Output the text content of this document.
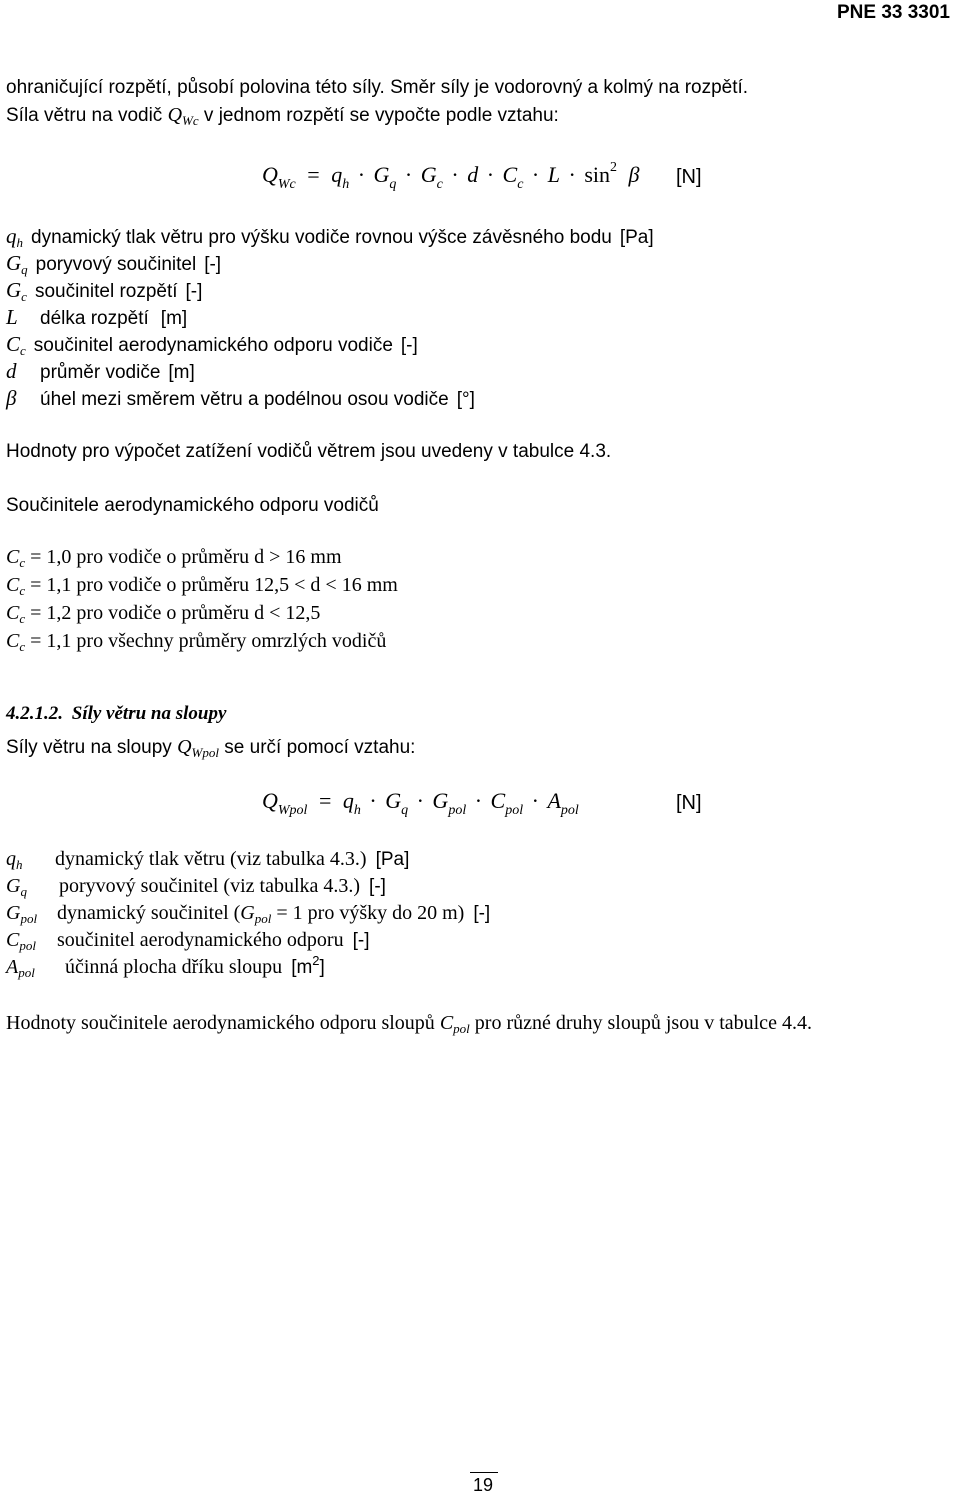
PNE 33 3301
ohraničující rozpětí, působí polovina této síly. Směr síly je vodorovný a kolmý na rozpětí.
Síla větru na vodič $Q_{Wc}$ v jednom rozpětí se vypočte podle vztahu:
$Q_{Wc} = q_h \cdot G_q \cdot G_c \cdot d \cdot C_c \cdot L \cdot \sin^2 \beta$ [N]
$q_h$ dynamický tlak větru pro výšku vodiče rovnou výšce závěsného bodu [Pa]
$G_q$ poryvový součinitel [-]
$G_c$ součinitel rozpětí [-]
L délka rozpětí [m]
$C_c$ součinitel aerodynamického odporu vodiče [-]
d průměr vodiče [m]
β úhel mezi směrem větru a podélnou osou vodiče [°]
Hodnoty pro výpočet zatížení vodičů větrem jsou uvedeny v tabulce 4.3.
Součinitele aerodynamického odporu vodičů
$C_c = 1,0$ pro vodiče o průměru d > 16 mm
$C_c = 1,1$ pro vodiče o průměru 12,5 < d < 16 mm
$C_c = 1,2$ pro vodiče o průměru d < 12,5
$C_c = 1,1$ pro všechny průměry omrzlých vodičů
4.2.1.2. Síly větru na sloupy
Síly větru na sloupy $Q_{Wpol}$ se určí pomocí vztahu:
$Q_{Wpol} = q_h \cdot G_q \cdot G_{pol} \cdot C_{pol} \cdot A_{pol}$	[N]
$q_h$ dynamický tlak větru (viz tabulka 4.3.) [Pa]
$G_q$ poryvový součinitel (viz tabulka 4.3.) [-]
$G_{pol}$ dynamický součinitel ($G_{pol} = 1$ pro výšky do 20 m) [-]
$C_{pol}$ součinitel aerodynamického odporu [-]
$A_{pol}$ účinná plocha dříku sloupu $[m^2]$
Hodnoty součinitele aerodynamického odporu sloupů $C_{pol}$ pro různé druhy sloupů jsou v tabulce 4.4.
19
